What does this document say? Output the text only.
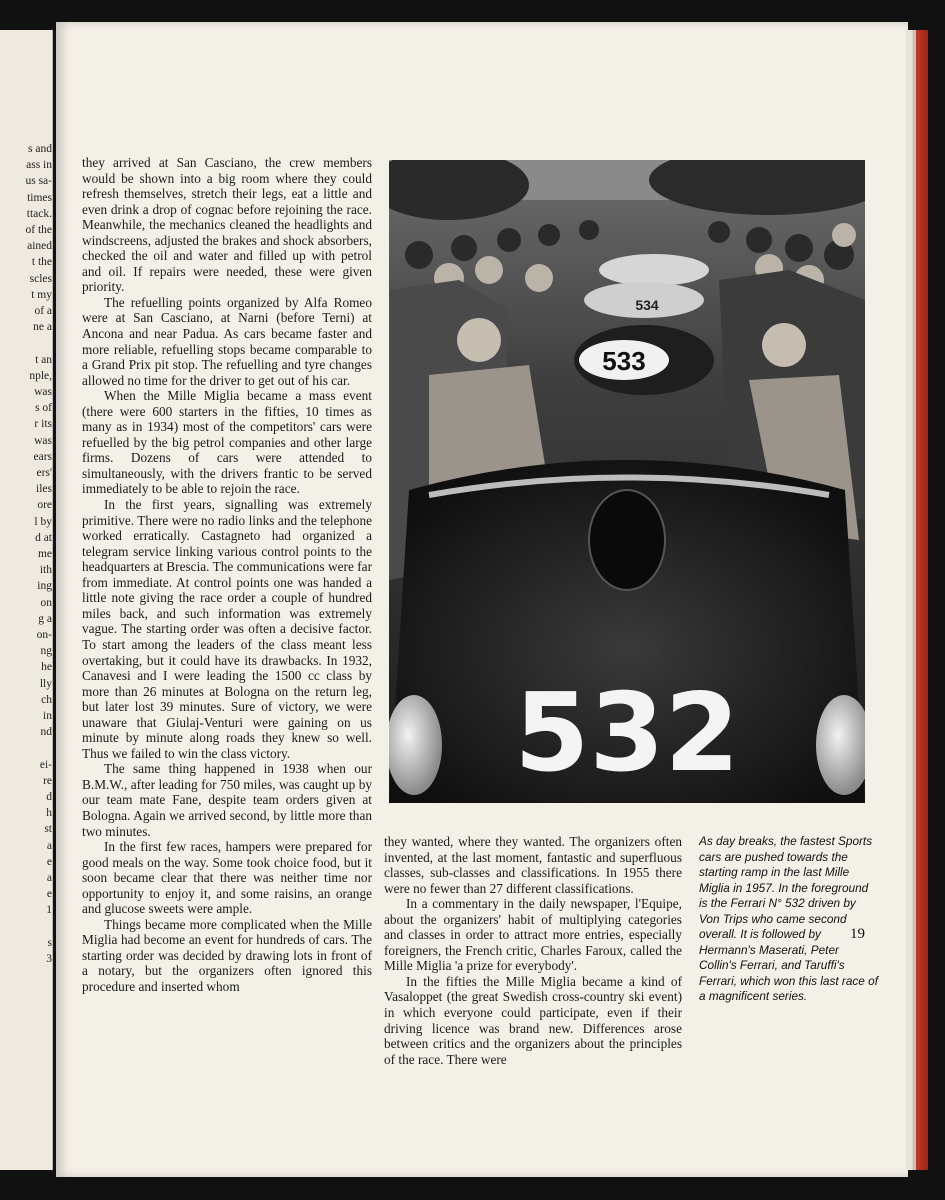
s and
ass in
us sa-
times
ttack.
of the
ained
t the
scles
t my
of a
ne a
t an
nple,
was
s of
r its
was
ears
ers'
iles
ore
l by
d at
me
ith
ing
on
g a
on-
ng
he
lly
ch
in
nd
ei-
re
d
h
st
a
e
a
e
1
s
3

they arrived at San Casciano, the crew members would be shown into a big room where they could refresh themselves, stretch their legs, eat a little and even drink a drop of cognac before rejoining the race. Meanwhile, the mechanics cleaned the headlights and windscreens, adjusted the brakes and shock absorbers, checked the oil and water and filled up with petrol and oil. If repairs were needed, these were given priority.

The refuelling points organized by Alfa Romeo were at San Casciano, at Narni (before Terni) at Ancona and near Padua. As cars became faster and more reliable, refuelling stops became comparable to a Grand Prix pit stop. The refuelling and tyre changes allowed no time for the driver to get out of his car.

When the Mille Miglia became a mass event (there were 600 starters in the fifties, 10 times as many as in 1934) most of the competitors' cars were refuelled by the big petrol companies and other large firms. Dozens of cars were attended to simultaneously, with the drivers frantic to be served immediately to be able to rejoin the race.

In the first years, signalling was extremely primitive. There were no radio links and the telephone worked erratically. Castagneto had organized a telegram service linking various control points to the headquarters at Brescia. The communications were far from immediate. At control points one was handed a little note giving the race order a couple of hundred miles back, and such information was extremely vague. The starting order was often a decisive factor. To start among the leaders of the class meant less overtaking, but it could have its drawbacks. In 1932, Canavesi and I were leading the 1500 cc class by more than 26 minutes at Bologna on the return leg, but later lost 39 minutes. Sure of victory, we were unaware that Giulaj-Venturi were gaining on us minute by minute along roads they knew so well. Thus we failed to win the class victory.

The same thing happened in 1938 when our B.M.W., after leading for 750 miles, was caught up by our team mate Fane, despite team orders given at Bologna. Again we arrived second, by little more than two minutes.

In the first few races, hampers were prepared for good meals on the way. Some took choice food, but it soon became clear that there was neither time nor opportunity to enjoy it, and some raisins, an orange and glucose sweets were ample.

Things became more complicated when the Mille Miglia had become an event for hundreds of cars. The starting order was decided by drawing lots in front of a notary, but the organizers often ignored this procedure and inserted whom

533
534
532

they wanted, where they wanted. The organizers often invented, at the last moment, fantastic and superfluous classes, sub-classes and classifications. In 1955 there were no fewer than 27 different classifications.

In a commentary in the daily newspaper, l'Equipe, about the organizers' habit of multiplying categories and classes in order to attract more entries, especially foreigners, the French critic, Charles Faroux, called the Mille Miglia 'a prize for everybody'.

In the fifties the Mille Miglia became a kind of Vasaloppet (the great Swedish cross-country ski event) in which everyone could participate, even if their driving licence was brand new. Differences arose between critics and the organizers about the principles of the race. There were

As day breaks, the fastest Sports cars are pushed towards the starting ramp in the last Mille Miglia in 1957. In the foreground is the Ferrari N° 532 driven by Von Trips who came second overall. It is followed by Hermann's Maserati, Peter Collin's Ferrari, and Taruffi's Ferrari, which won this last race of a magnificent series.
19
